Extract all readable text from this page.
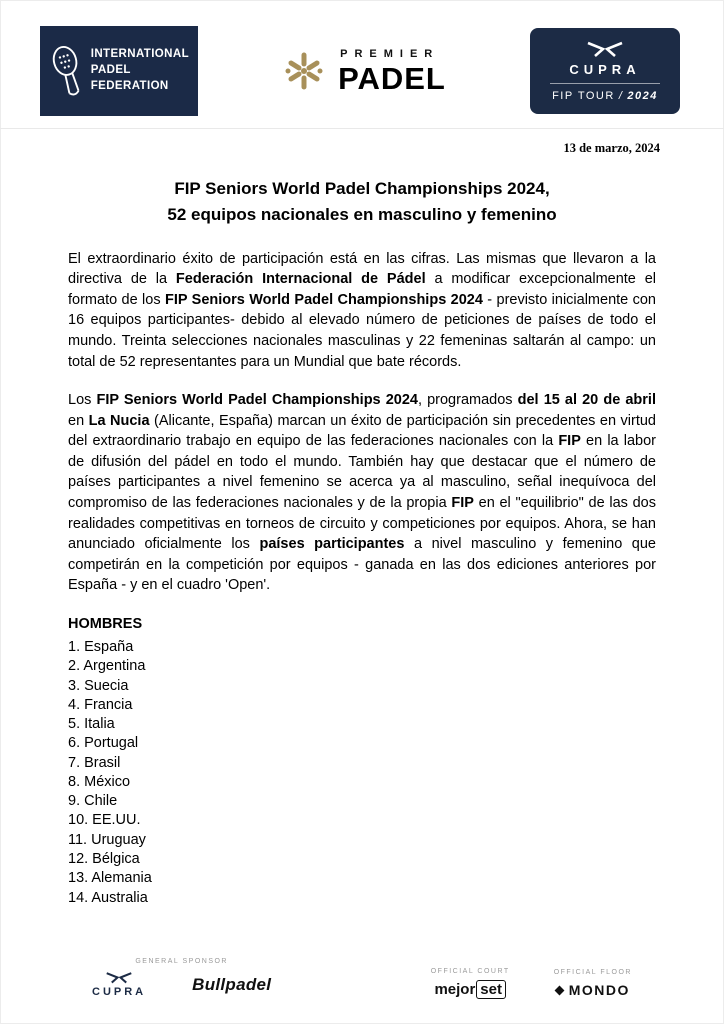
INTERNATIONAL
PADEL
FEDERATION
PREMIER
PADEL	CUPRA
FIP TOUR / 2024
13 de marzo, 2024
FIP Seniors World Padel Championships 2024,
52 equipos nacionales en masculino y femenino

El extraordinario éxito de participación está en las cifras. Las mismas que llevaron a la directiva de la Federación Internacional de Pádel a modificar excepcionalmente el formato de los FIP Seniors World Padel Championships 2024 - previsto inicialmente con 16 equipos participantes- debido al elevado número de peticiones de países de todo el mundo. Treinta selecciones nacionales masculinas y 22 femeninas saltarán al campo: un total de 52 representantes para un Mundial que bate récords.

Los FIP Seniors World Padel Championships 2024, programados del 15 al 20 de abril en La Nucia (Alicante, España) marcan un éxito de participación sin precedentes en virtud del extraordinario trabajo en equipo de las federaciones nacionales con la FIP en la labor de difusión del pádel en todo el mundo. También hay que destacar que el número de países participantes a nivel femenino se acerca ya al masculino, señal inequívoca del compromiso de las federaciones nacionales y de la propia FIP en el "equilibrio" de las dos realidades competitivas en torneos de circuito y competiciones por equipos. Ahora, se han anunciado oficialmente los países participantes a nivel masculino y femenino que competirán en la competición por equipos - ganada en las dos ediciones anteriores por España - y en el cuadro 'Open'.

HOMBRES
1. España
2. Argentina
3. Suecia
4. Francia
5. Italia
6. Portugal
7. Brasil
8. México
9. Chile
10. EE.UU.
11. Uruguay
12. Bélgica
13. Alemania
14. Australia
GENERAL SPONSOR
CUPRA	Bullpadel
OFFICIAL COURT
mejor set
OFFICIAL FLOOR
MONDO
